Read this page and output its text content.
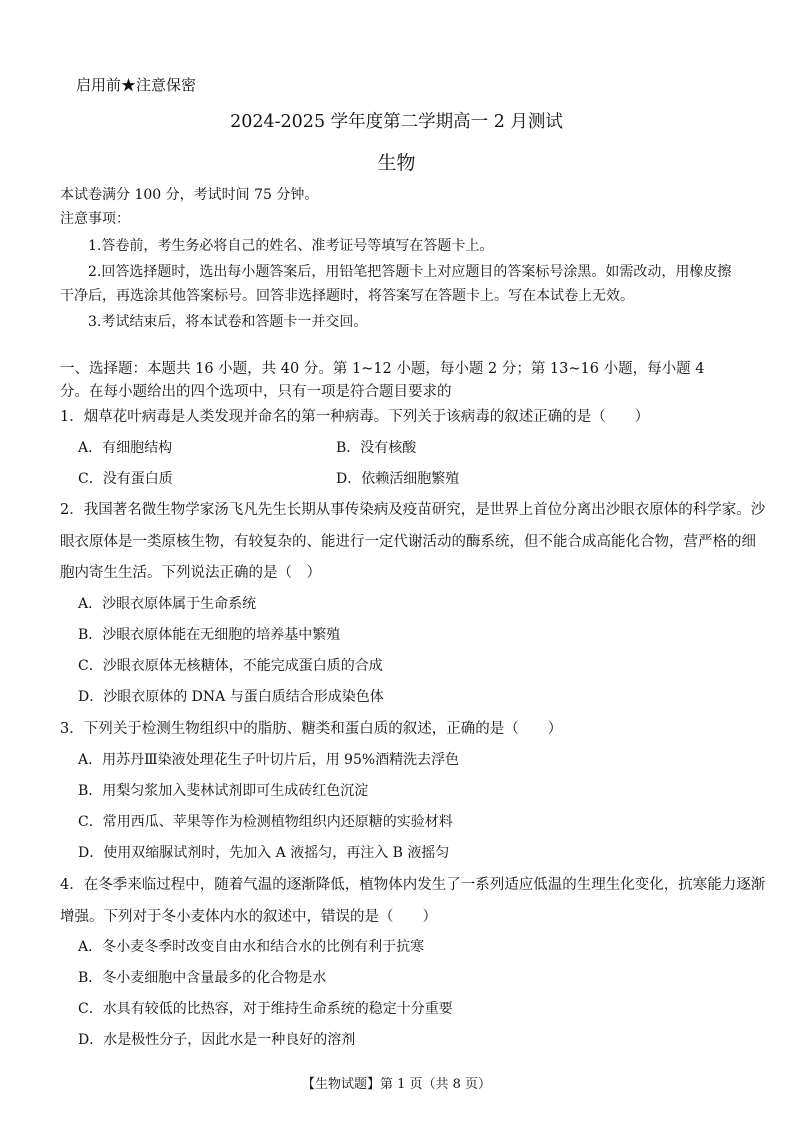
启用前★注意保密
2024-2025 学年度第二学期高一 2 月测试
生物
本试卷满分 100 分，考试时间 75 分钟。
注意事项：
1.答卷前，考生务必将自己的姓名、准考证号等填写在答题卡上。
2.回答选择题时，选出每小题答案后，用铅笔把答题卡上对应题目的答案标号涂黑。如需改动，用橡皮擦
干净后，再选涂其他答案标号。回答非选择题时，将答案写在答题卡上。写在本试卷上无效。
3.考试结束后，将本试卷和答题卡一并交回。
一、选择题：本题共 16 小题，共 40 分。第 1~12 小题，每小题 2 分；第 13~16 小题，每小题 4
分。在每小题给出的四个选项中，只有一项是符合题目要求的
1．烟草花叶病毒是人类发现并命名的第一种病毒。下列关于该病毒的叙述正确的是（　　）
A．有细胞结构	B．没有核酸
C．没有蛋白质	D．依赖活细胞繁殖
2．我国著名微生物学家汤飞凡先生长期从事传染病及疫苗研究，是世界上首位分离出沙眼衣原体的科学家。沙
眼衣原体是一类原核生物，有较复杂的、能进行一定代谢活动的酶系统，但不能合成高能化合物，营严格的细
胞内寄生生活。下列说法正确的是（　）
A．沙眼衣原体属于生命系统
B．沙眼衣原体能在无细胞的培养基中繁殖
C．沙眼衣原体无核糖体，不能完成蛋白质的合成
D．沙眼衣原体的 DNA 与蛋白质结合形成染色体
3．下列关于检测生物组织中的脂肪、糖类和蛋白质的叙述，正确的是（　　）
A．用苏丹Ⅲ染液处理花生子叶切片后，用 95%酒精洗去浮色
B．用梨匀浆加入斐林试剂即可生成砖红色沉淀
C．常用西瓜、苹果等作为检测植物组织内还原糖的实验材料
D．使用双缩脲试剂时，先加入 A 液摇匀，再注入 B 液摇匀
4．在冬季来临过程中，随着气温的逐渐降低，植物体内发生了一系列适应低温的生理生化变化，抗寒能力逐渐
增强。下列对于冬小麦体内水的叙述中，错误的是（　　）
A．冬小麦冬季时改变自由水和结合水的比例有利于抗寒
B．冬小麦细胞中含量最多的化合物是水
C．水具有较低的比热容，对于维持生命系统的稳定十分重要
D．水是极性分子，因此水是一种良好的溶剂
【生物试题】第 1 页（共 8 页）
